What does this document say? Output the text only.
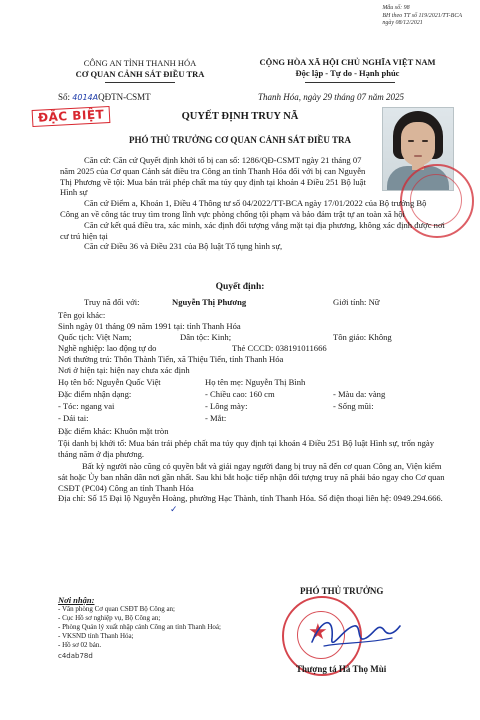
Mẫu số: 98
BH theo TT số 119/2021/TT-BCA
ngày 08/12/2021
CÔNG AN TỈNH THANH HÓA
CƠ QUAN CẢNH SÁT ĐIỀU TRA
CỘNG HÒA XÃ HỘI CHỦ NGHĨA VIỆT NAM
Độc lập - Tự do - Hạnh phúc
Số: 4014AQĐTN-CSMT	Thanh Hóa, ngày 29 tháng 07 năm 2025
ĐẶC BIỆT	QUYẾT ĐỊNH TRUY NÃ
PHÓ THỦ TRƯỞNG CƠ QUAN CẢNH SÁT ĐIỀU TRA
Căn cứ: Căn cứ Quyết định khởi tố bị can số: 1286/QĐ-CSMT ngày 21 tháng 07 năm 2025 của Cơ quan Cảnh sát điều tra Công an tỉnh Thanh Hóa đối với bị can Nguyễn Thị Phương về tội: Mua bán trái phép chất ma túy quy định tại khoản 4 Điều 251 Bộ luật Hình sự
Căn cứ Điểm a, Khoản 1, Điều 4 Thông tư số 04/2022/TT-BCA ngày 17/01/2022 của Bộ trưởng Bộ Công an về công tác truy tìm trong lĩnh vực phòng chống tội phạm và bảo đảm trật tự an toàn xã hội
Căn cứ kết quả điều tra, xác minh, xác định đối tượng vắng mặt tại địa phương, không xác định được nơi cư trú hiện tại
Căn cứ Điều 36 và Điều 231 của Bộ luật Tố tụng hình sự,
Quyết định:
Truy nã đối với:	Nguyễn Thị Phương	Giới tính: Nữ
Tên gọi khác:
Sinh ngày 01 tháng 09 năm 1991 tại: tỉnh Thanh Hóa
Quốc tịch: Việt Nam;	Dân tộc: Kinh;	Tôn giáo: Không
Nghề nghiệp: lao động tự do	Thẻ CCCD: 038191011666
Nơi thường trú: Thôn Thành Tiến, xã Thiệu Tiến, tỉnh Thanh Hóa
Nơi ở hiện tại: hiện nay chưa xác định
Họ tên bố: Nguyễn Quốc Việt	Họ tên mẹ: Nguyễn Thị Bình
Đặc điểm nhận dạng:	- Chiều cao: 160 cm	- Màu da: vàng
- Tóc: ngang vai	- Lông mày:	- Sống mũi:
- Dái tai:	- Mắt:
Đặc điểm khác: Khuôn mặt tròn
Tội danh bị khởi tố: Mua bán trái phép chất ma túy quy định tại khoản 4 Điều 251 Bộ luật Hình sự, trốn ngày tháng năm ở địa phương.
Bất kỳ người nào cũng có quyền bắt và giải ngay người đang bị truy nã đến cơ quan Công an, Viện kiểm sát hoặc Ủy ban nhân dân nơi gần nhất. Sau khi bắt hoặc tiếp nhận đối tượng truy nã phải báo ngay cho Cơ quan CSĐT (PC04) Công an tỉnh Thanh Hóa
Địa chỉ: Số 15 Đại lộ Nguyễn Hoàng, phường Hạc Thành, tỉnh Thanh Hóa. Số điện thoại liên hệ: 0949.294.666.
✓
Nơi nhận:
- Văn phòng Cơ quan CSĐT Bộ Công an;
- Cục Hồ sơ nghiệp vụ, Bộ Công an;
- Phòng Quản lý xuất nhập cảnh Công an tỉnh Thanh Hoá;
- VKSND tỉnh Thanh Hóa;
- Hồ sơ 02 bản.
c4dab78d
PHÓ THỦ TRƯỞNG
★
Thượng tá Hà Thọ Mùi
